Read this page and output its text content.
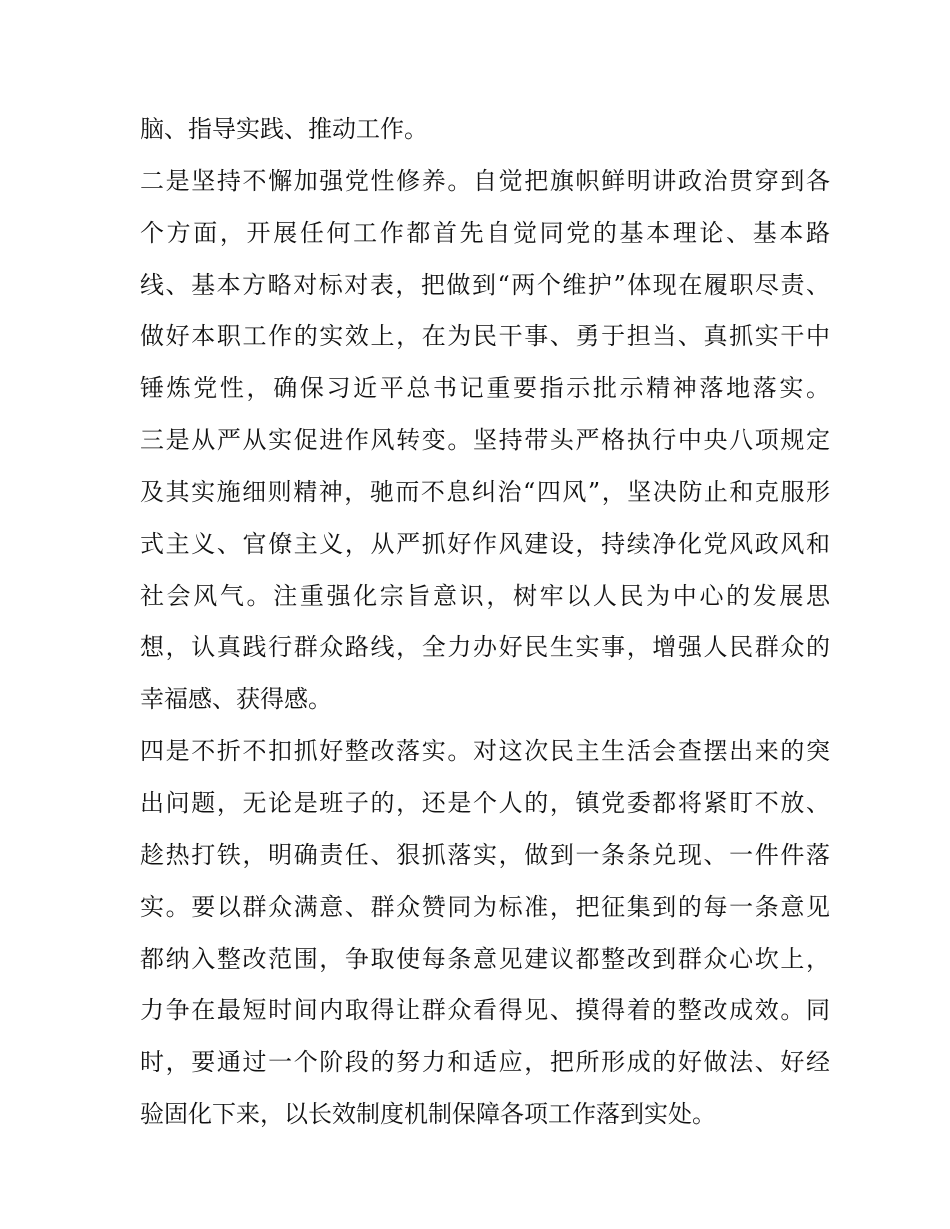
脑、指导实践、推动工作。
二是坚持不懈加强党性修养。自觉把旗帜鲜明讲政治贯穿到各
个方面，开展任何工作都首先自觉同党的基本理论、基本路
线、基本方略对标对表，把做到“两个维护”体现在履职尽责、
做好本职工作的实效上，在为民干事、勇于担当、真抓实干中
锤炼党性，确保习近平总书记重要指示批示精神落地落实。
三是从严从实促进作风转变。坚持带头严格执行中央八项规定
及其实施细则精神，驰而不息纠治“四风”，坚决防止和克服形
式主义、官僚主义，从严抓好作风建设，持续净化党风政风和
社会风气。注重强化宗旨意识，树牢以人民为中心的发展思
想，认真践行群众路线，全力办好民生实事，增强人民群众的
幸福感、获得感。
四是不折不扣抓好整改落实。对这次民主生活会查摆出来的突
出问题，无论是班子的，还是个人的，镇党委都将紧盯不放、
趁热打铁，明确责任、狠抓落实，做到一条条兑现、一件件落
实。要以群众满意、群众赞同为标准，把征集到的每一条意见
都纳入整改范围，争取使每条意见建议都整改到群众心坎上，
力争在最短时间内取得让群众看得见、摸得着的整改成效。同
时，要通过一个阶段的努力和适应，把所形成的好做法、好经
验固化下来，以长效制度机制保障各项工作落到实处。
